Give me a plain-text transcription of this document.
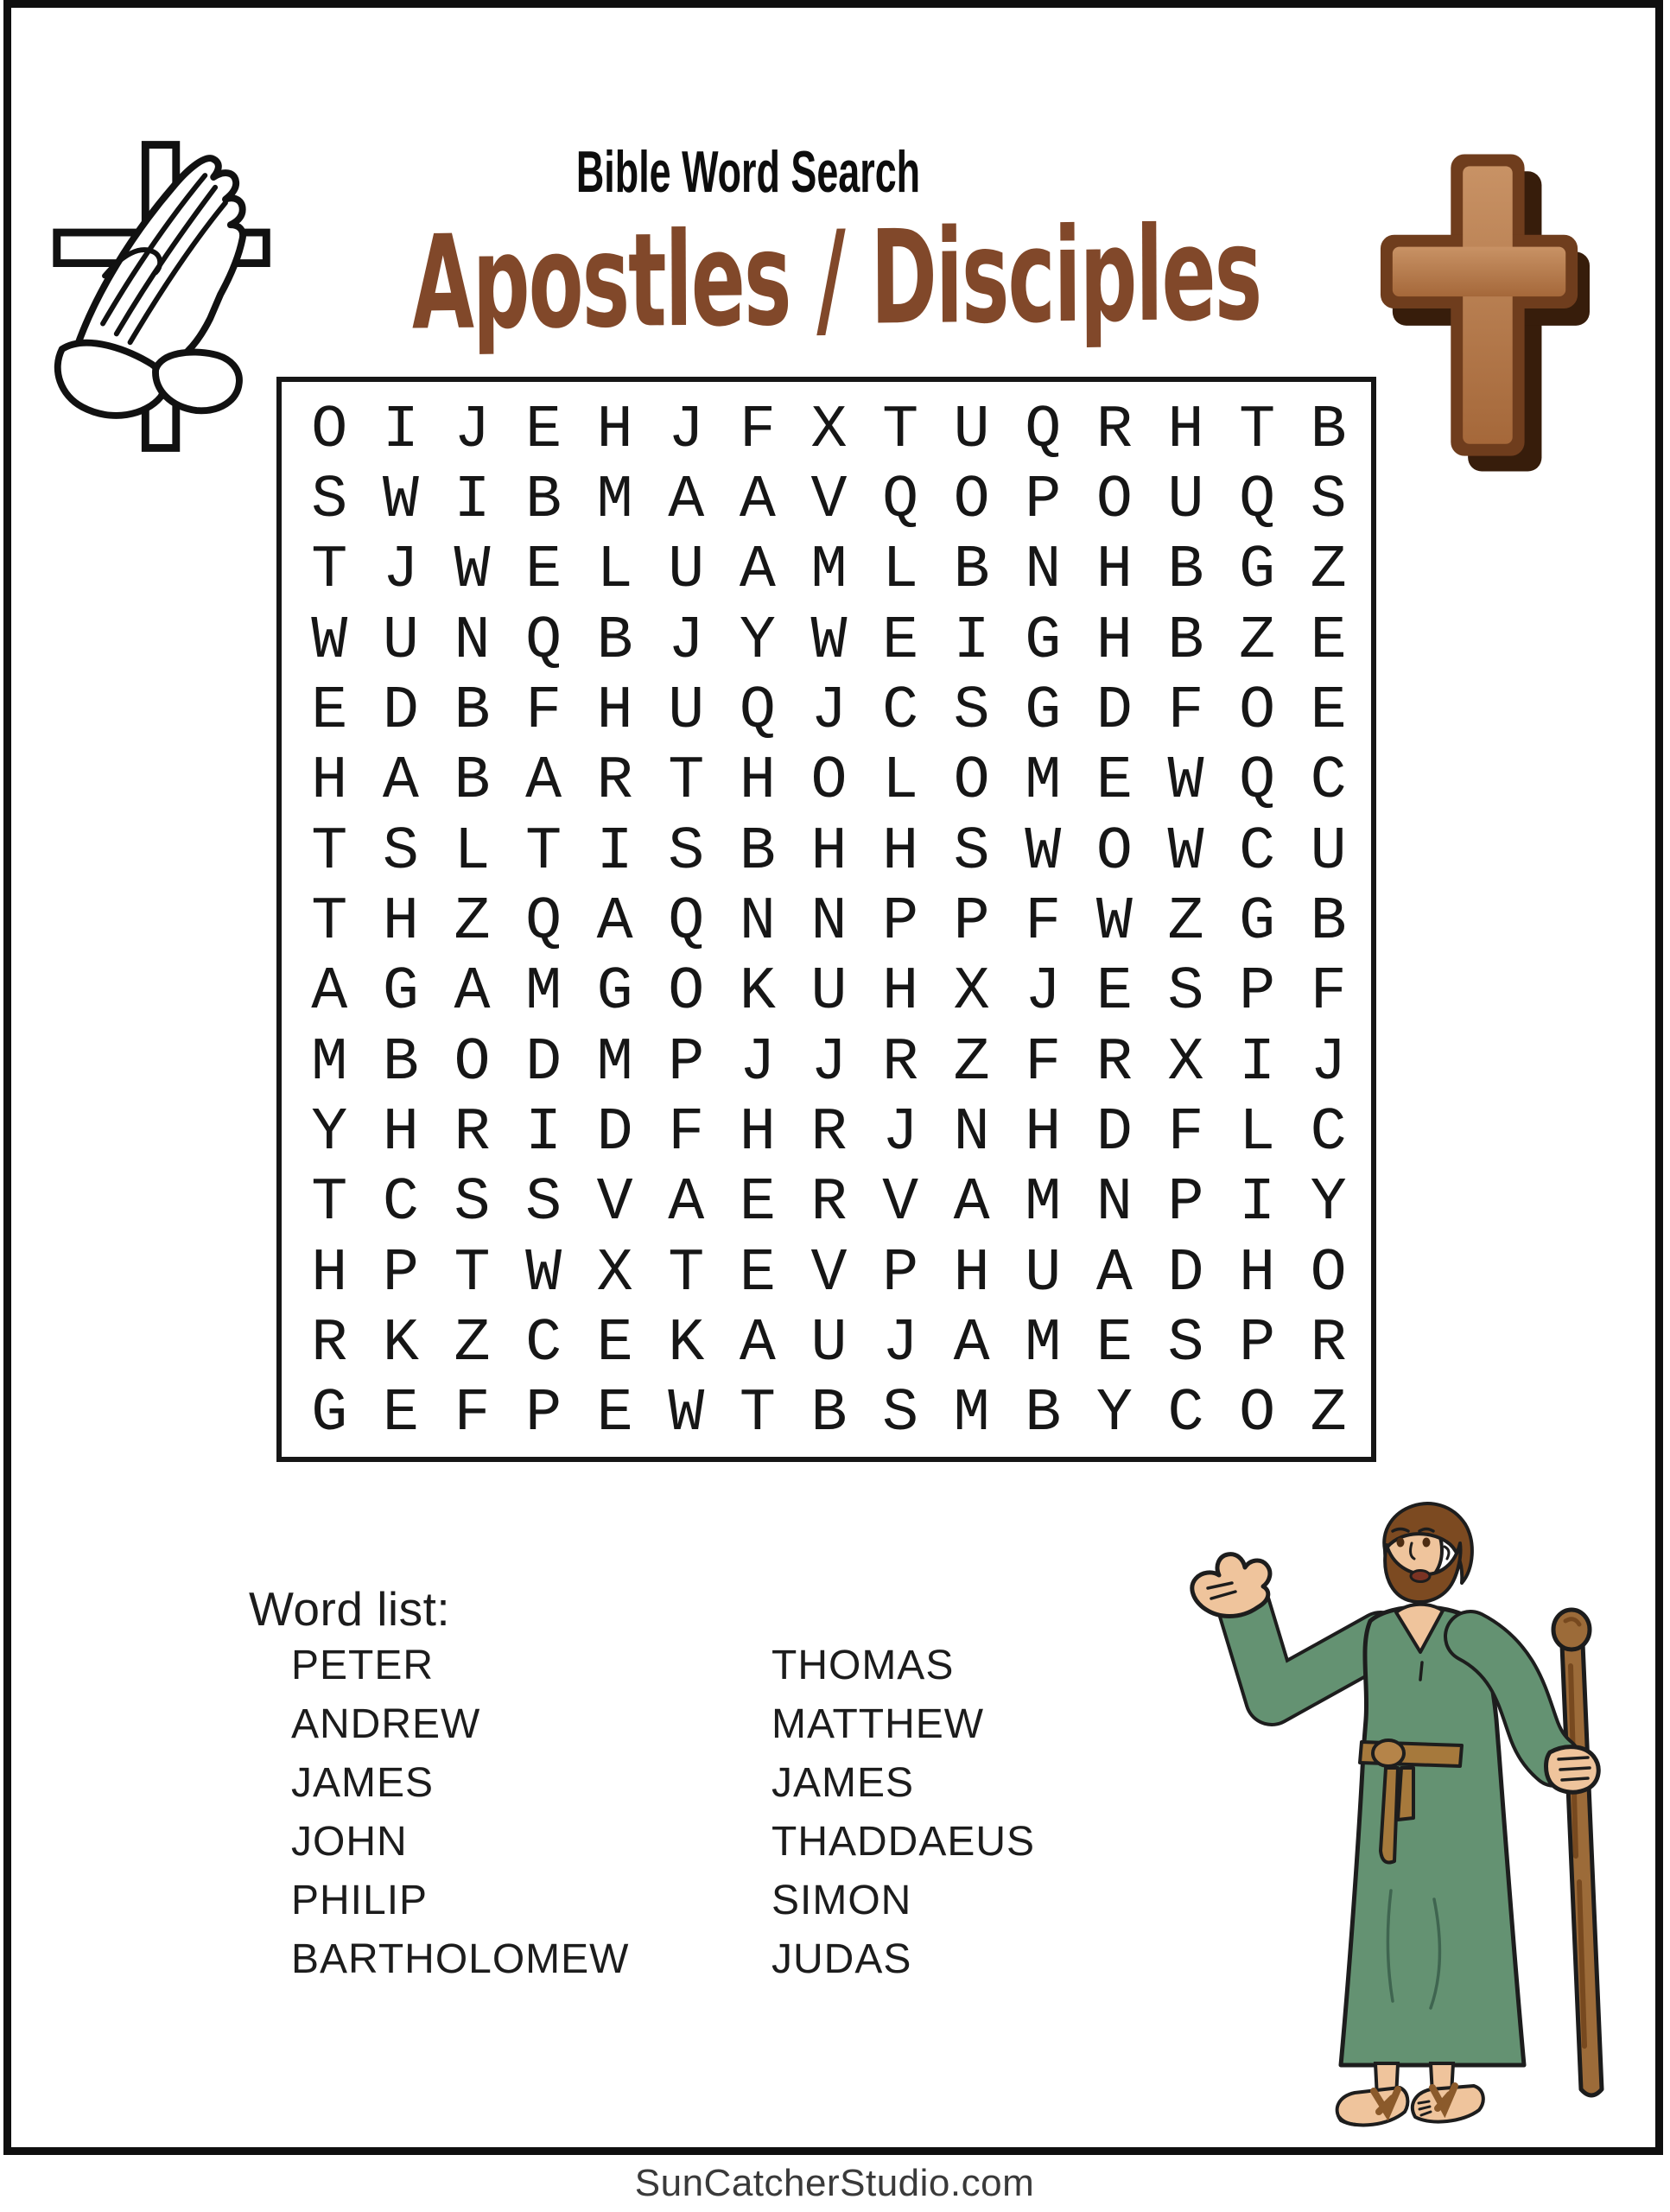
Bible Word Search
Apostles / Disciples
O I J E H J F X T U Q R H T B
S W I B M A A V Q O P O U Q S
T J W E L U A M L B N H B G Z
W U N Q B J Y W E I G H B Z E
E D B F H U Q J C S G D F O E
H A B A R T H O L O M E W Q C
T S L T I S B H H S W O W C U
T H Z Q A Q N N P P F W Z G B
A G A M G O K U H X J E S P F
M B O D M P J J R Z F R X I J
Y H R I D F H R J N H D F L C
T C S S V A E R V A M N P I Y
H P T W X T E V P H U A D H O
R K Z C E K A U J A M E S P R
G E F P E W T B S M B Y C O Z
Word list:
PETER
ANDREW
JAMES
JOHN
PHILIP
BARTHOLOMEW
THOMAS
MATTHEW
JAMES
THADDAEUS
SIMON
JUDAS
SunCatcherStudio.com
